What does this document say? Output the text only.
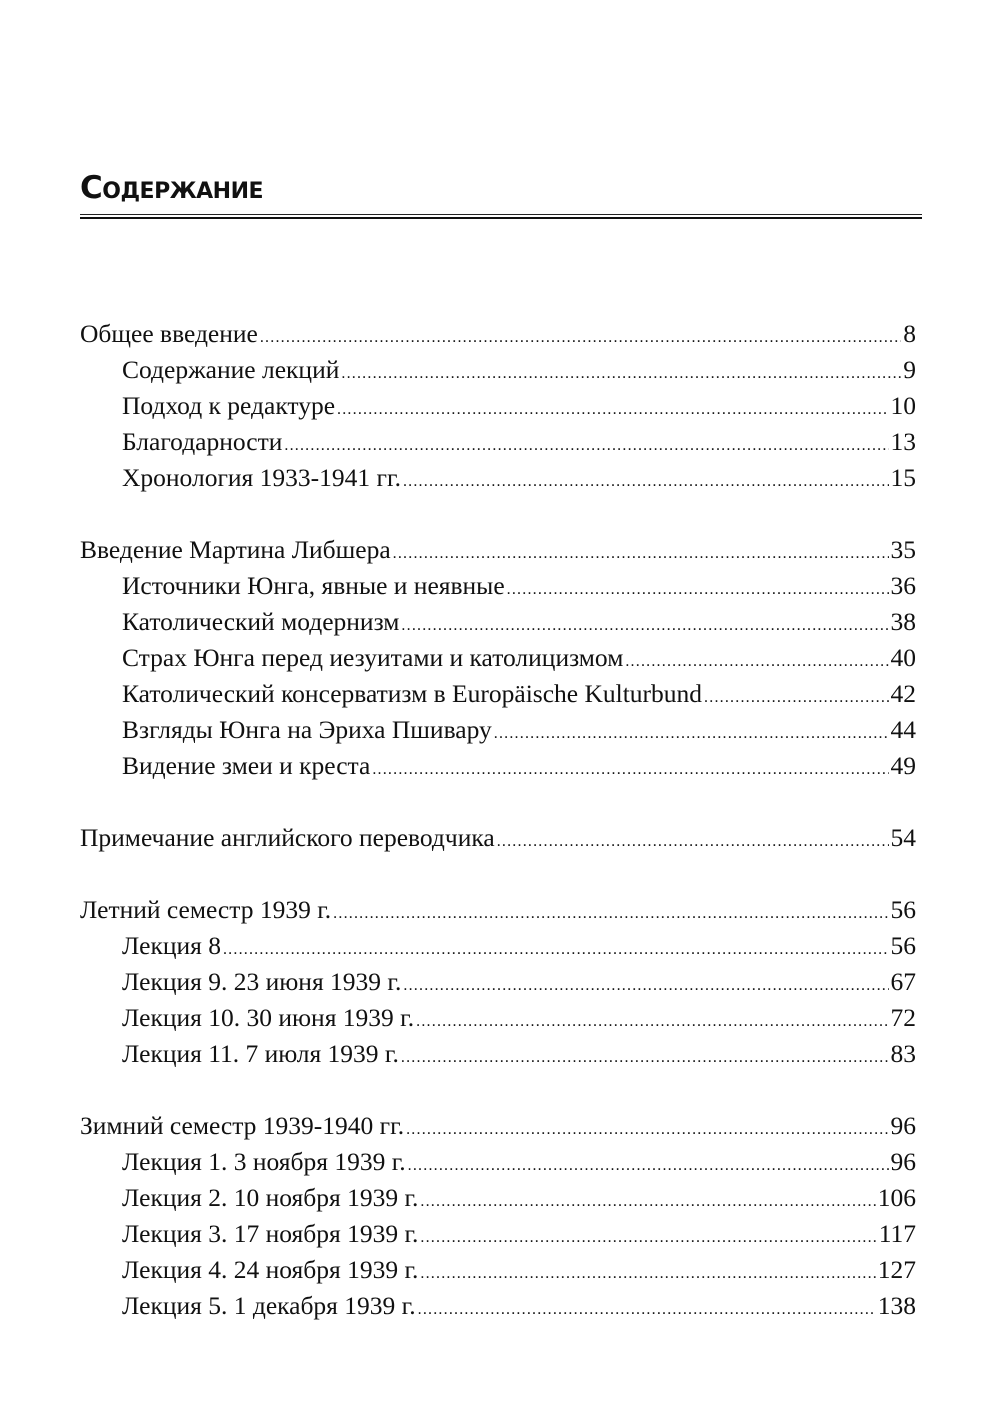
Содержание
Общее введение .....	8
Содержание лекций .....	9
Подход к редактуре .....	10
Благодарности .....	13
Хронология 1933-1941 гг. .....	15
Введение Мартина Либшера .....	35
Источники Юнга, явные и неявные .....	36
Католический модернизм .....	38
Страх Юнга перед иезуитами и католицизмом .....	40
Католический консерватизм в Europäische Kulturbund .....	42
Взгляды Юнга на Эриха Пшивару .....	44
Видение змеи и креста .....	49
Примечание английского переводчика .....	54
Летний семестр 1939 г. .....	56
Лекция 8 .....	56
Лекция 9. 23 июня 1939 г. .....	67
Лекция 10. 30 июня 1939 г. .....	72
Лекция 11. 7 июля 1939 г. .....	83
Зимний семестр 1939-1940 гг. .....	96
Лекция 1. 3 ноября 1939 г. .....	96
Лекция 2. 10 ноября 1939 г. .....	106
Лекция 3. 17 ноября 1939 г. .....	117
Лекция 4. 24 ноября 1939 г. .....	127
Лекция 5. 1 декабря 1939 г. .....	138
